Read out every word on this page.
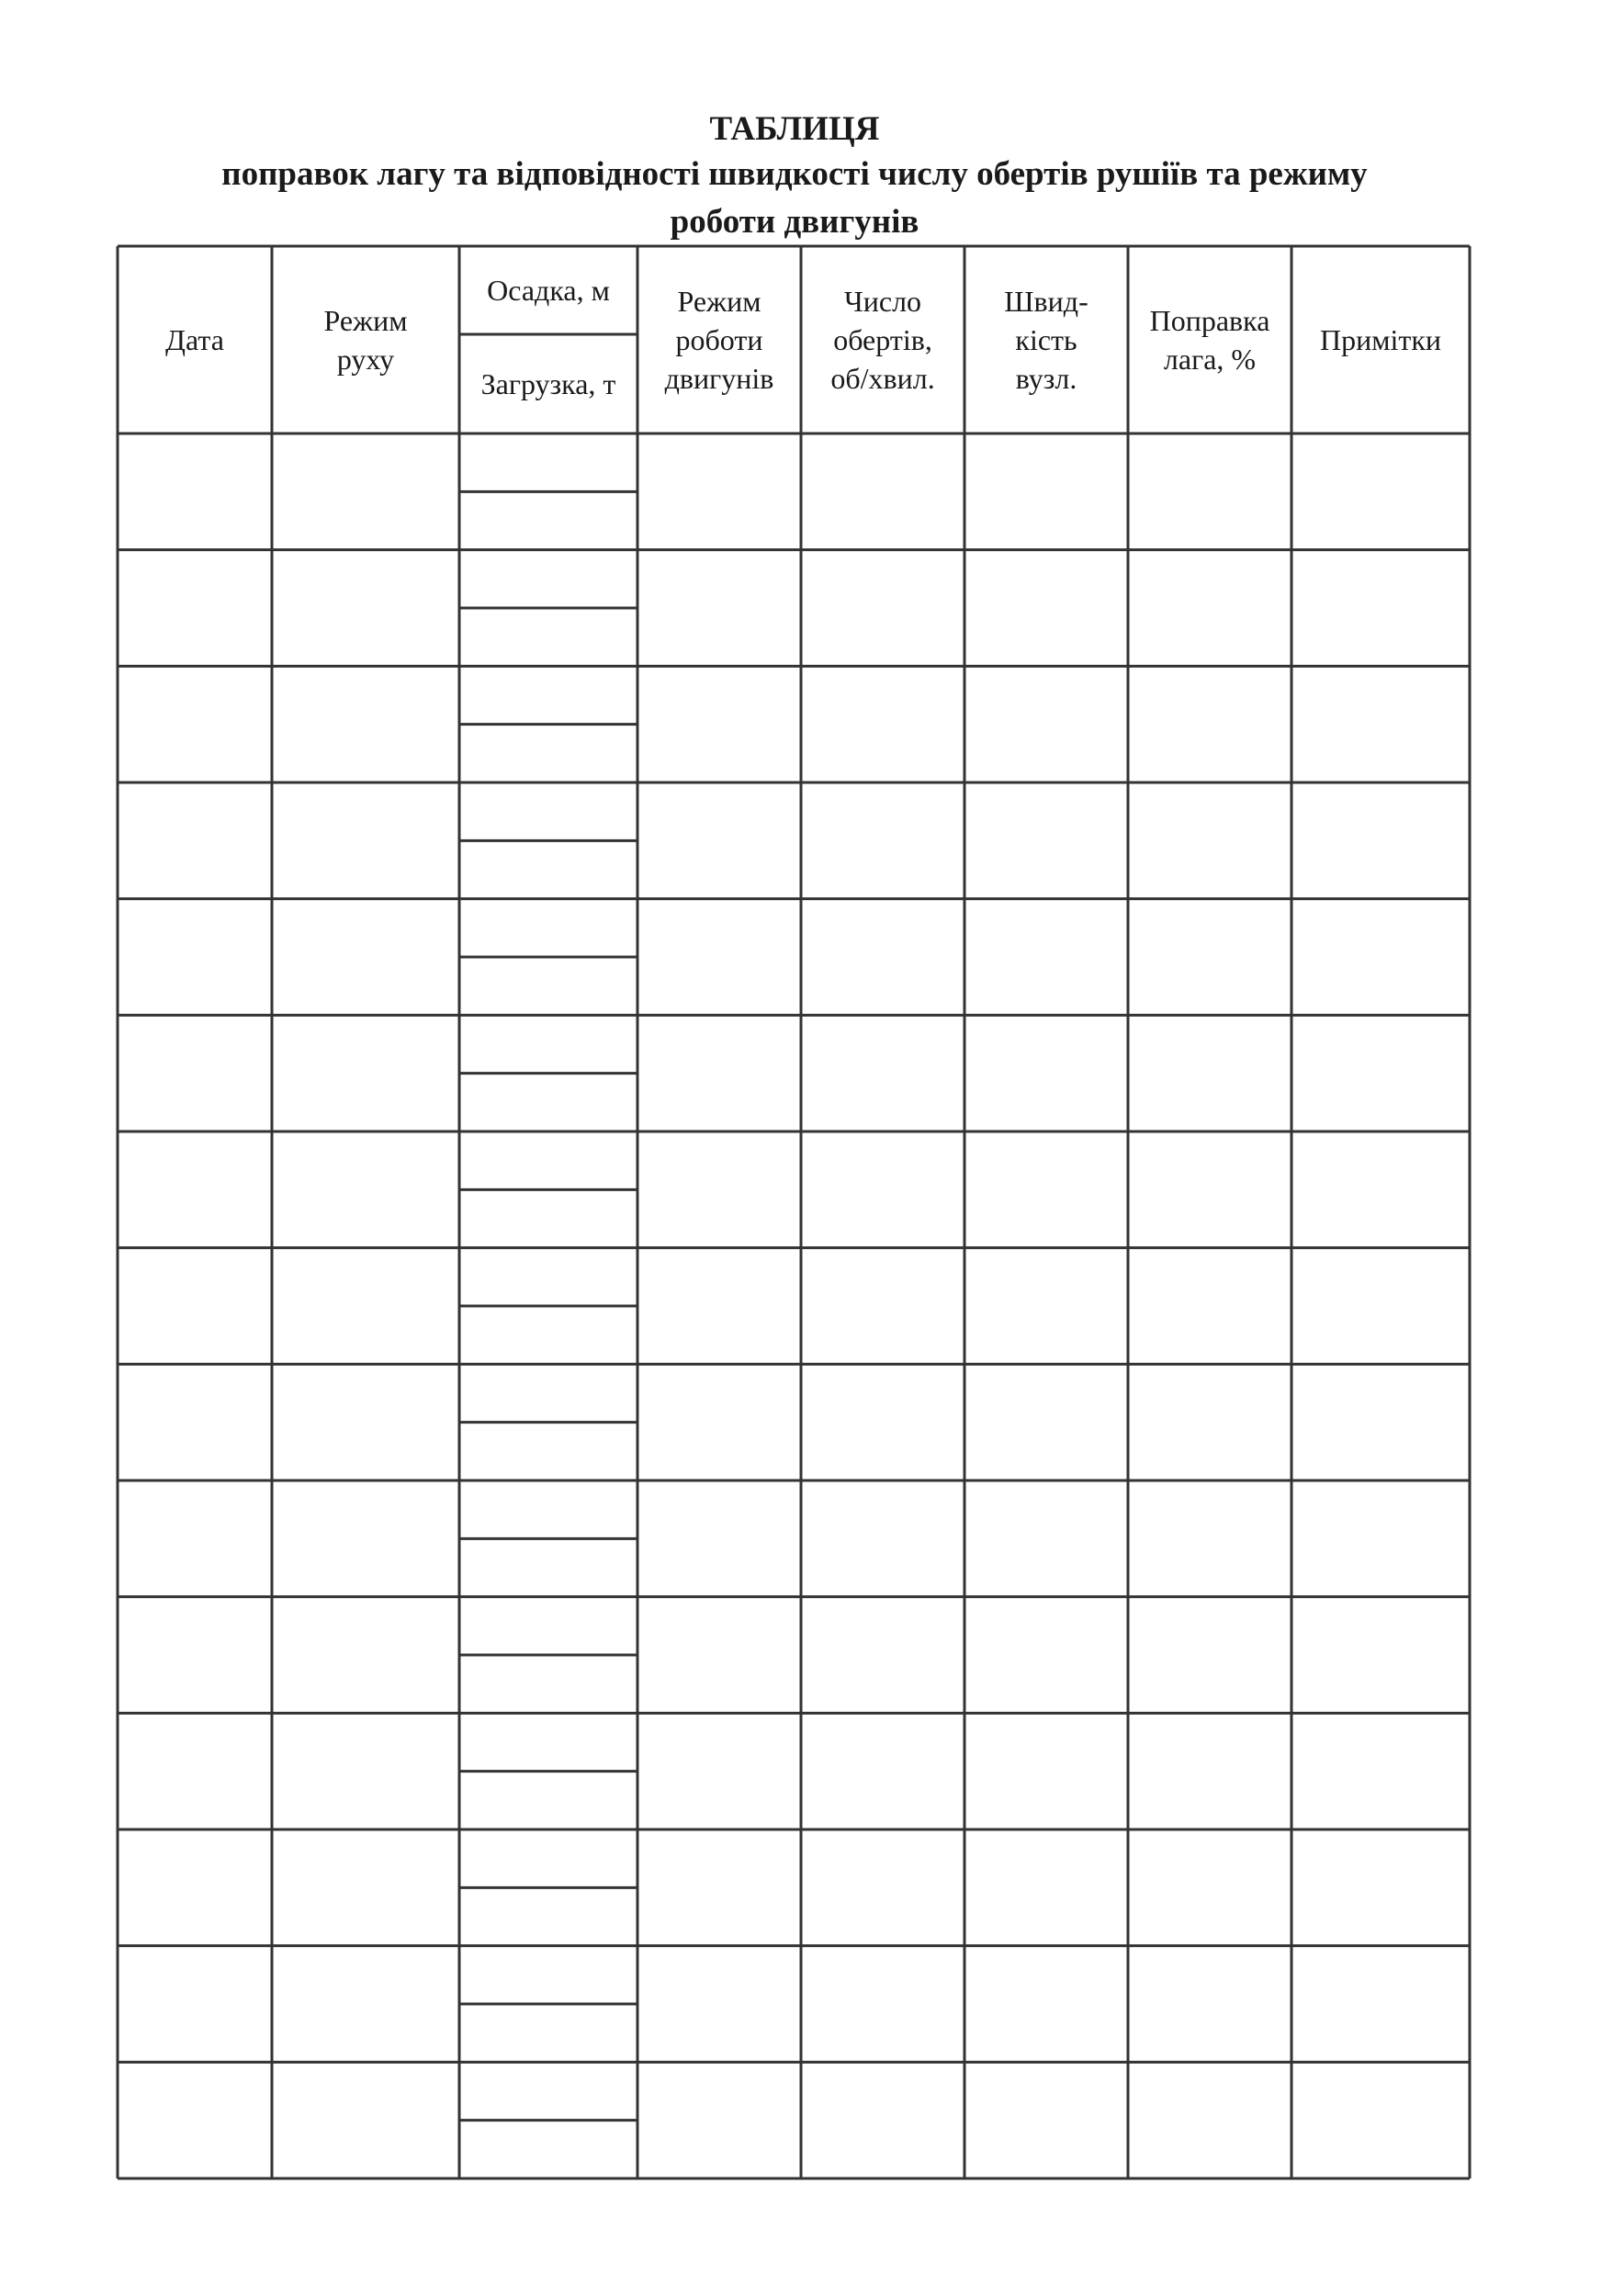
ТАБЛИЦЯ
поправок лагу та відповідності швидкості числу обертів рушіїв та режиму
роботи двигунів
Дата
Режим
руху
Осадка, м
Загрузка, т
Режим
роботи
двигунів
Число
обертів,
об/хвил.
Швид-
кість
вузл.
Поправка
лага, %
Примітки
